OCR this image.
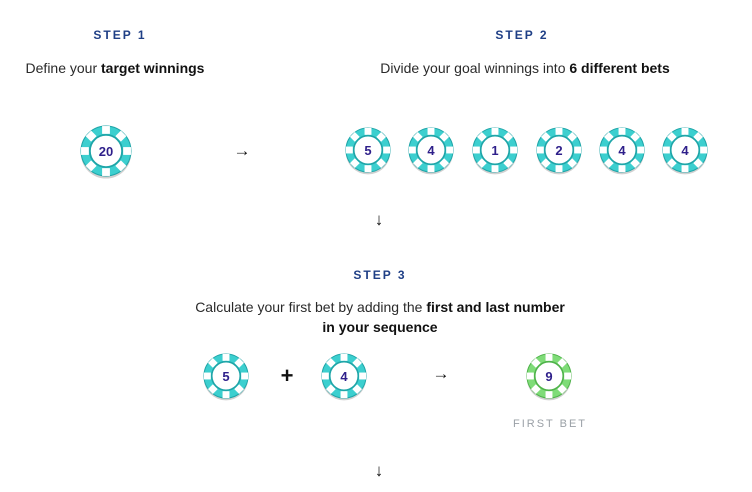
STEP 1
Define your target winnings
20	→
STEP 2
Divide your goal winnings into 6 different bets
5	4	1	2	4	4
↓
STEP 3
Calculate your first bet by adding the first and last number in your sequence
5	+	4	→	9
FIRST BET
↓
